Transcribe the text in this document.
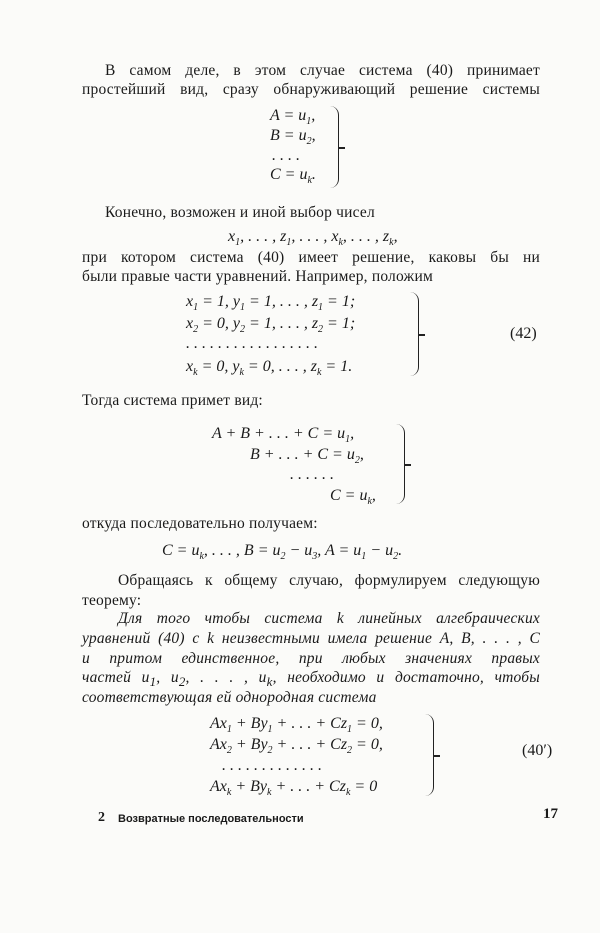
В самом деле, в этом случае система (40) принимает
простейший вид, сразу обнаруживающий решение системы
$A = u_1$,
$B = u_2$,
. . . .
$C = u_k$.
Конечно, возможен и иной выбор чисел
$x_1$, . . . , $z_1$, . . . , $x_k$, . . . , $z_k$,
при котором система (40) имеет решение, каковы бы ни
были правые части уравнений. Например, положим
$x_1 = 1$, $y_1 = 1$, . . . , $z_1 = 1$;
$x_2 = 0$, $y_2 = 1$, . . . , $z_2 = 1$;
. . . . . . . . . . . . . . . . .
$x_k = 0$, $y_k = 0$, . . . , $z_k = 1$.
(42)
Тогда система примет вид:
A + B + . . . + $C = u_1$,
B + . . . + $C = u_2$,
. . . . . .
$C = u_k$,
откуда последовательно получаем:
$C = u_k$, . . . , $B = u_2 - u_3$, $A = u_1 - u_2$.
Обращаясь к общему случаю, формулируем следующую
теорему:
Для того чтобы система k линейных алгебраических
уравнений (40) с k неизвестными имела решение A, B, . . . , C
и притом единственное, при любых значениях правых
частей $u_1$, $u_2$, . . . , $u_k$, необходимо и достаточно, чтобы
соответствующая ей однородная система
$Ax_1 + By_1$ + . . . + $Cz_1 = 0$,
$Ax_2 + By_2$ + . . . + $Cz_2 = 0$,
. . . . . . . . . . . . .
$Ax_k + By_k$ + . . . + $Cz_k = 0$
(40′)
2 Возвратные последовательности	17
